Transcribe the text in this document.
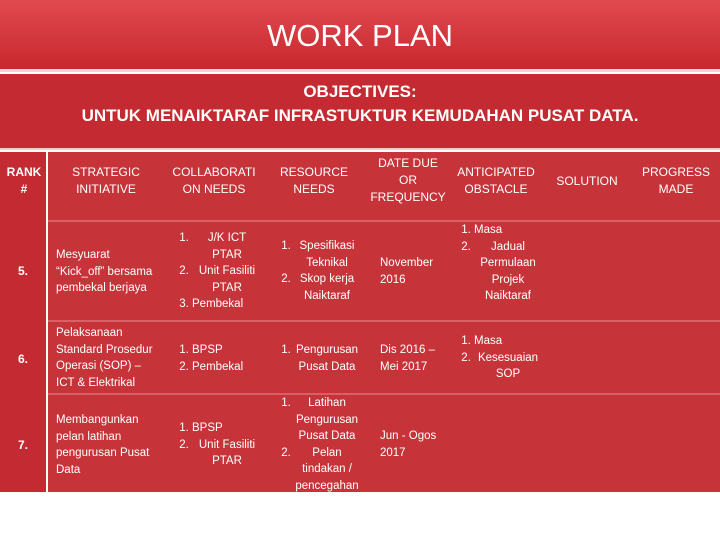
WORK PLAN
OBJECTIVES:
UNTUK MENAIKTARAF INFRASTUKTUR KEMUDAHAN PUSAT DATA.
RANK
#
STRATEGIC
INITIATIVE
COLLABORATI
ON NEEDS
RESOURCE
NEEDS
DATE DUE
OR
FREQUENCY
ANTICIPATED
OBSTACLE
SOLUTION
PROGRESS
MADE
5.
Mesyuarat
“Kick_off” bersama
pembekal berjaya
1. J/K ICT PTAR
2. Unit Fasiliti PTAR
3. Pembekal
1. Spesifikasi Teknikal
2. Skop kerja Naiktaraf
November
2016
1. Masa
2. Jadual Permulaan Projek Naiktaraf
6.
Pelaksanaan
Standard Prosedur
Operasi (SOP) –
ICT & Elektrikal
1. BPSP
2. Pembekal
1. Pengurusan Pusat Data
Dis 2016 –
Mei 2017
1. Masa
2. Kesesuaian SOP
7.
Membangunkan
pelan latihan
pengurusan Pusat
Data
1. BPSP
2. Unit Fasiliti PTAR
1. Latihan Pengurusan Pusat Data
2. Pelan tindakan / pencegahan
Jun - Ogos
2017
